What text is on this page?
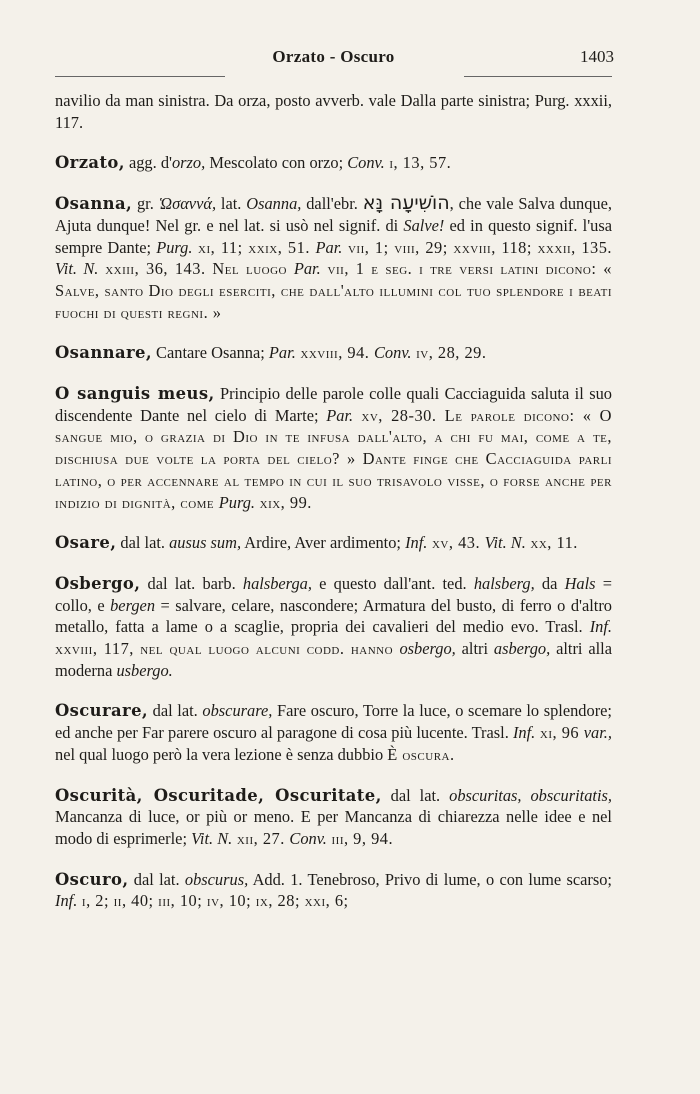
Orzato - Oscuro	1403

navilio da man sinistra. Da orza, posto avverb. vale Dalla parte sinistra; Purg. xxxii, 117.

Orzato, agg. d'orzo, Mescolato con orzo; Conv. i, 13, 57.

Osanna, gr. Ὡσαννά, lat. Osanna, dall'ebr. הוֹשִׁיעָה נָּא, che vale Salva dunque, Ajuta dunque! Nel gr. e nel lat. si usò nel signif. di Salve! ed in questo signif. l'usa sempre Dante; Purg. xi, 11; xxix, 51. Par. vii, 1; viii, 29; xxviii, 118; xxxii, 135. Vit. N. xxiii, 36, 143. Nel luogo Par. vii, 1 e seg. i tre versi latini dicono: « Salve, santo Dio degli eserciti, che dall'alto illumini col tuo splendore i beati fuochi di questi regni. »

Osannare, Cantare Osanna; Par. xxviii, 94. Conv. iv, 28, 29.

O sanguis meus, Principio delle parole colle quali Cacciaguida saluta il suo discendente Dante nel cielo di Marte; Par. xv, 28-30. Le parole dicono: « O sangue mio, o grazia di Dio in te infusa dall'alto, a chi fu mai, come a te, dischiusa due volte la porta del cielo? » Dante finge che Cacciaguida parli latino, o per accennare al tempo in cui il suo trisavolo visse, o forse anche per indizio di dignità, come Purg. xix, 99.

Osare, dal lat. ausus sum, Ardire, Aver ardimento; Inf. xv, 43. Vit. N. xx, 11.

Osbergo, dal lat. barb. halsberga, e questo dall'ant. ted. halsberg, da Hals = collo, e bergen = salvare, celare, nascondere; Armatura del busto, di ferro o d'altro metallo, fatta a lame o a scaglie, propria dei cavalieri del medio evo. Trasl. Inf. xxviii, 117, nel qual luogo alcuni codd. hanno osbergo, altri asbergo, altri alla moderna usbergo.

Oscurare, dal lat. obscurare, Fare oscuro, Torre la luce, o scemare lo splendore; ed anche per Far parere oscuro al paragone di cosa più lucente. Trasl. Inf. xi, 96 var., nel qual luogo però la vera lezione è senza dubbio È oscura.

Oscurità, Oscuritade, Oscuritate, dal lat. obscuritas, obscuritatis, Mancanza di luce, or più or meno. E per Mancanza di chiarezza nelle idee e nel modo di esprimerle; Vit. N. xii, 27. Conv. iii, 9, 94.

Oscuro, dal lat. obscurus, Add. 1. Tenebroso, Privo di lume, o con lume scarso; Inf. i, 2; ii, 40; iii, 10; iv, 10; ix, 28; xxi, 6;
